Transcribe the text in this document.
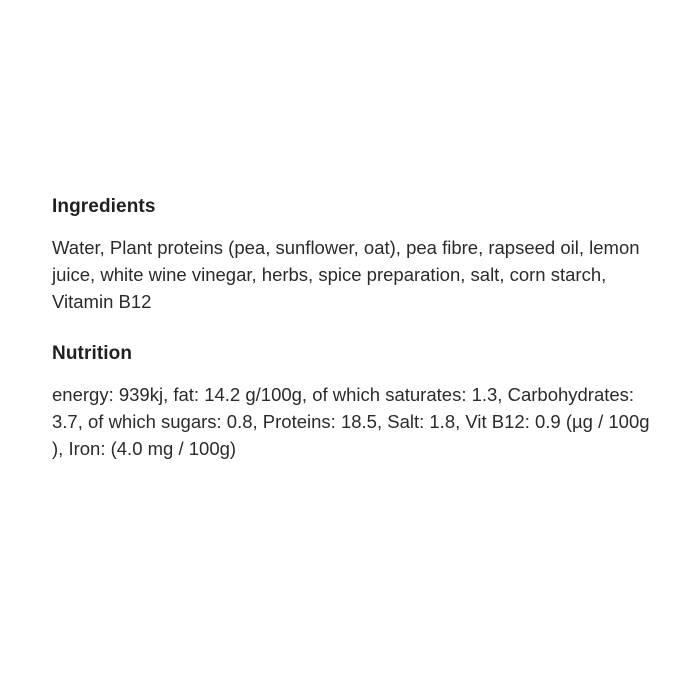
Ingredients

Water, Plant proteins (pea, sunflower, oat), pea fibre, rapseed oil, lemon juice, white wine vinegar, herbs, spice preparation, salt, corn starch, Vitamin B12

Nutrition

energy: 939kj, fat: 14.2 g/100g, of which saturates: 1.3, Carbohydrates: 3.7, of which sugars: 0.8, Proteins: 18.5, Salt: 1.8, Vit B12: 0.9 (µg / 100g ), Iron: (4.0 mg / 100g)
